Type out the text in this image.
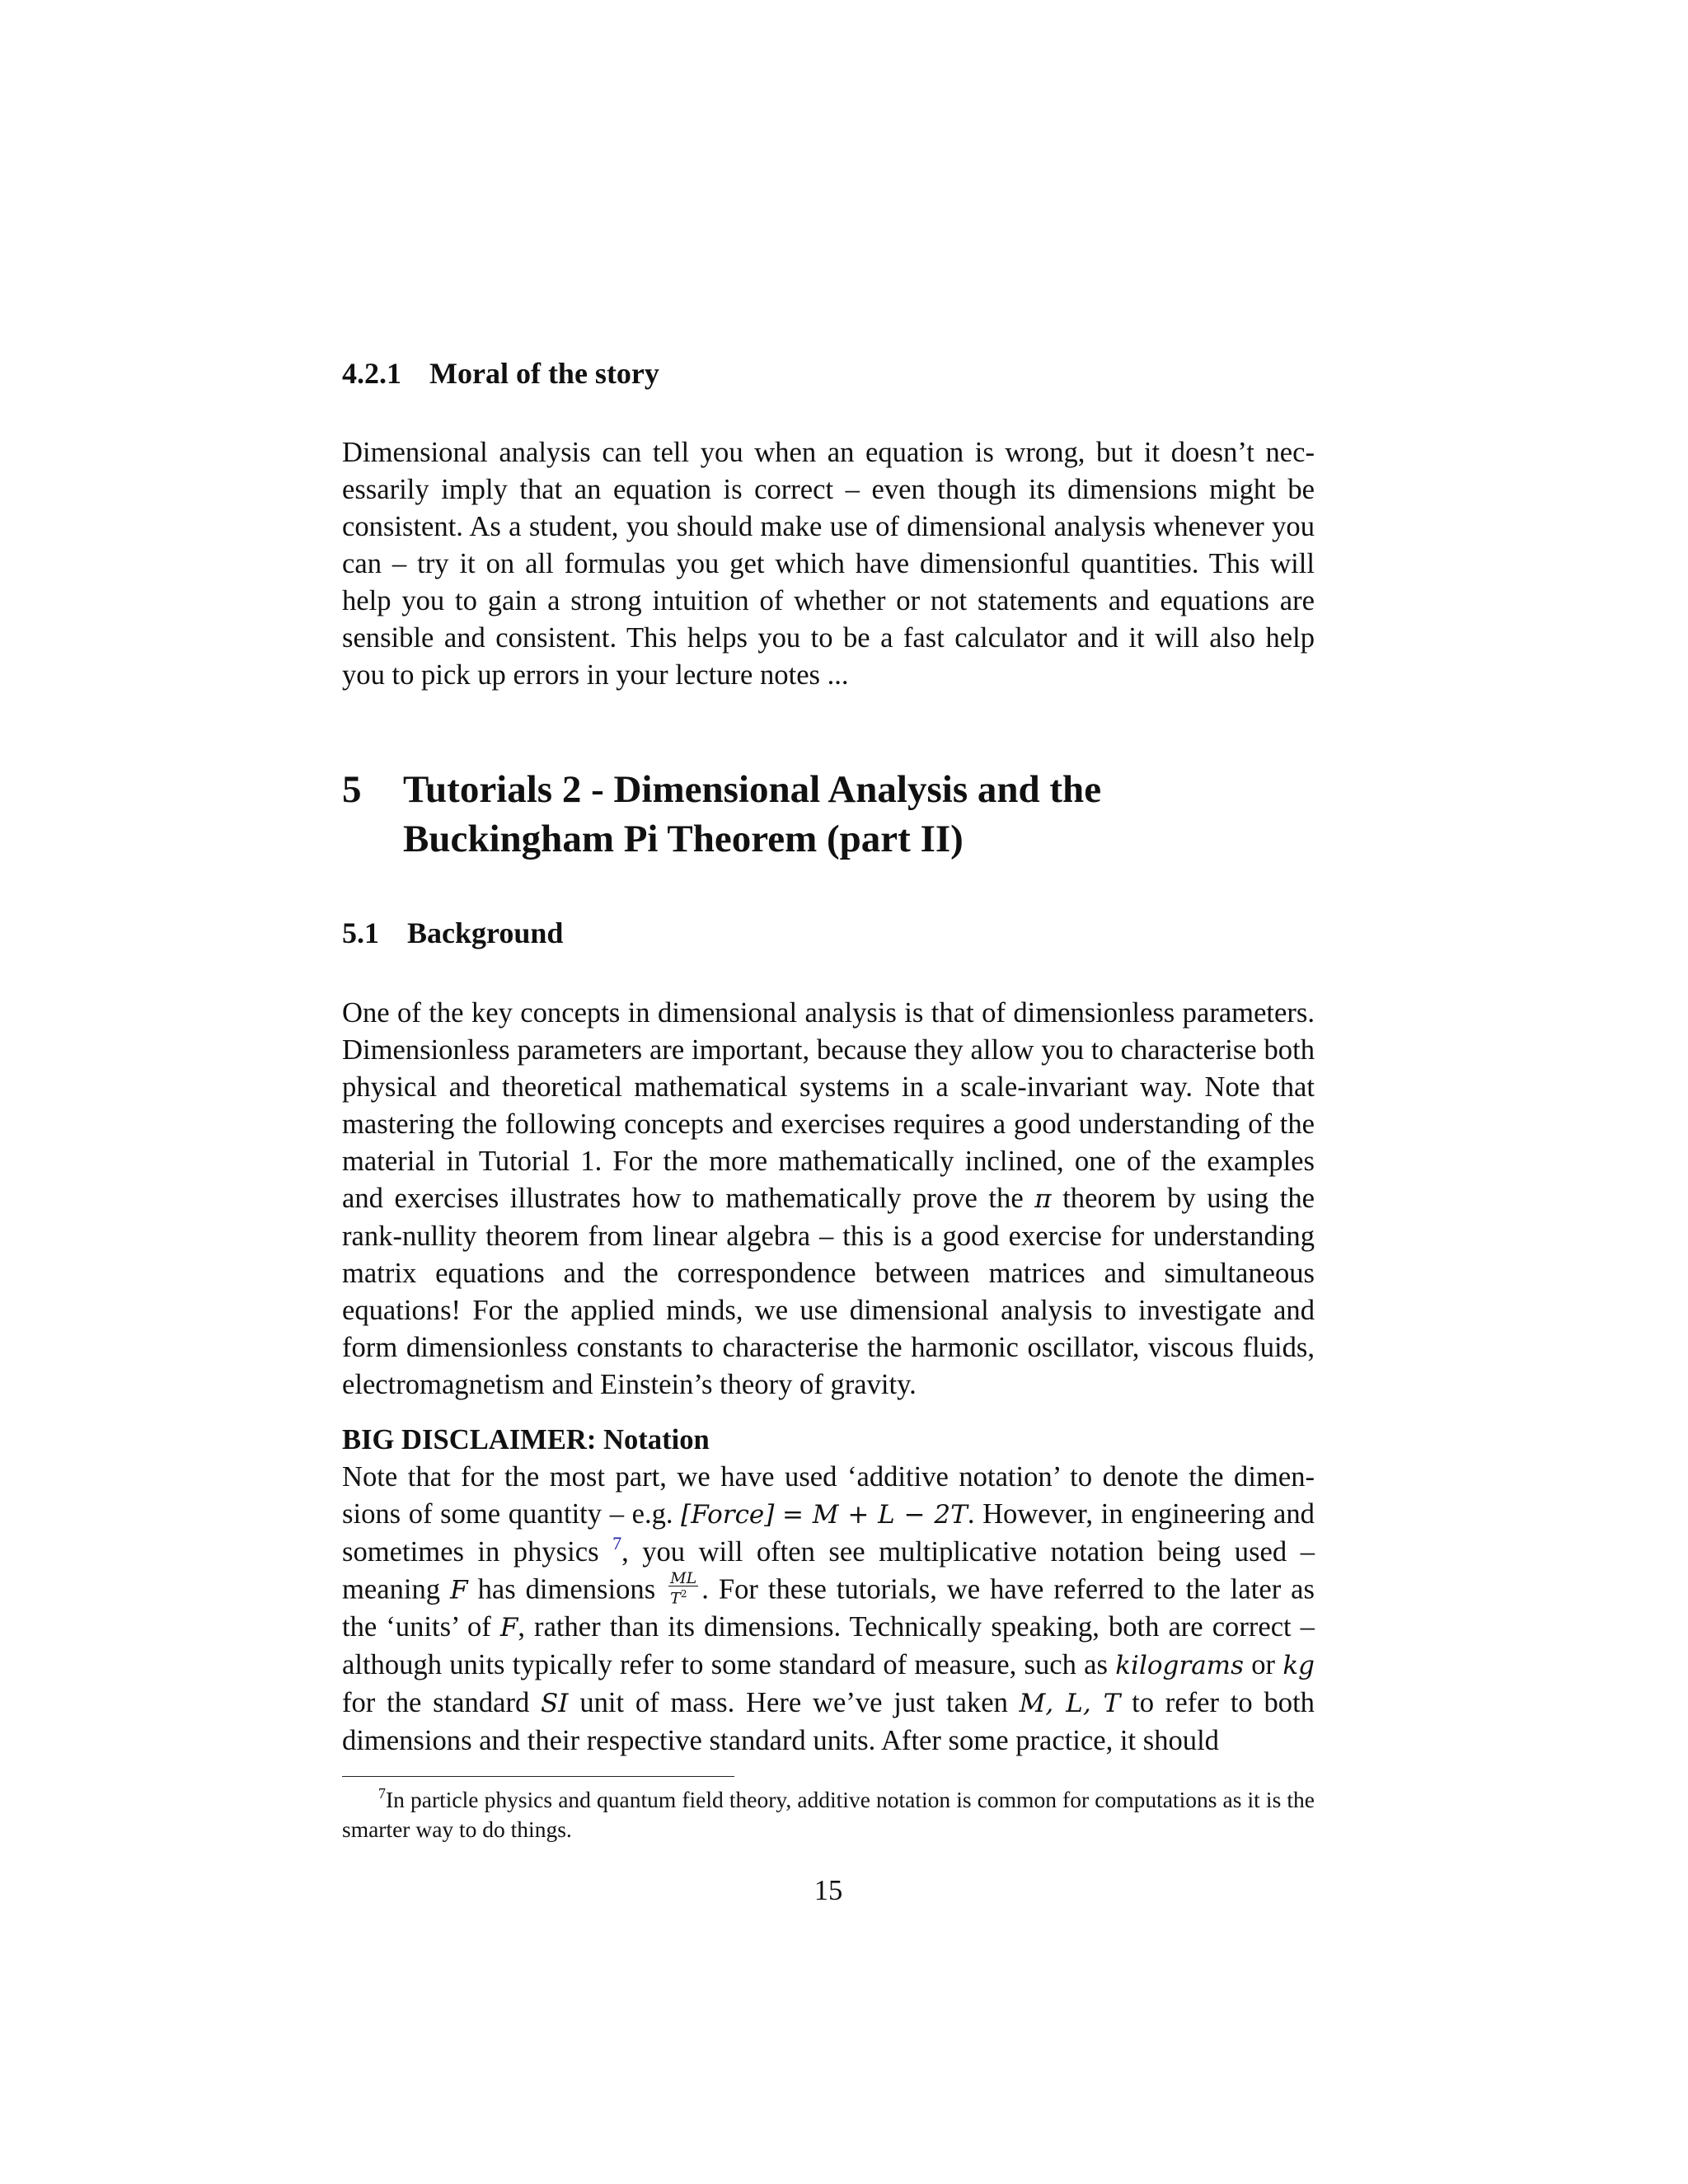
4.2.1 Moral of the story

Dimensional analysis can tell you when an equation is wrong, but it doesn’t necessarily imply that an equation is correct – even though its dimensions might be consistent. As a student, you should make use of dimensional analysis whenever you can – try it on all formulas you get which have dimensionful quantities. This will help you to gain a strong intuition of whether or not statements and equations are sensible and consistent. This helps you to be a fast calculator and it will also help you to pick up errors in your lecture notes ...

5 Tutorials 2 - Dimensional Analysis and the Buckingham Pi Theorem (part II)
5.1 Background

One of the key concepts in dimensional analysis is that of dimensionless parameters. Dimensionless parameters are important, because they allow you to characterise both physical and theoretical mathematical systems in a scale-invariant way. Note that mastering the following concepts and exercises requires a good understanding of the material in Tutorial 1. For the more mathematically inclined, one of the examples and exercises illustrates how to mathematically prove the π theorem by using the rank-nullity theorem from linear algebra – this is a good exercise for understanding matrix equations and the correspondence between matrices and simultaneous equations! For the applied minds, we use dimensional analysis to investigate and form dimensionless constants to characterise the harmonic oscillator, viscous fluids, electromagnetism and Einstein’s theory of gravity.

BIG DISCLAIMER: Notation
Note that for the most part, we have used ‘additive notation’ to denote the dimensions of some quantity – e.g. [Force] = M + L − 2T. However, in engineering and sometimes in physics $^7$, you will often see multiplicative notation being used – meaning F has dimensions $\frac{ML}{T^2}$ . For these tutorials, we have referred to the later as the ‘units’ of F, rather than its dimensions. Technically speaking, both are correct – although units typically refer to some standard of measure, such as kilograms or kg for the standard SI unit of mass. Here we’ve just taken M, L, T to refer to both dimensions and their respective standard units. After some practice, it should

$^7$In particle physics and quantum field theory, additive notation is common for computations as it is the smarter way to do things.

15
